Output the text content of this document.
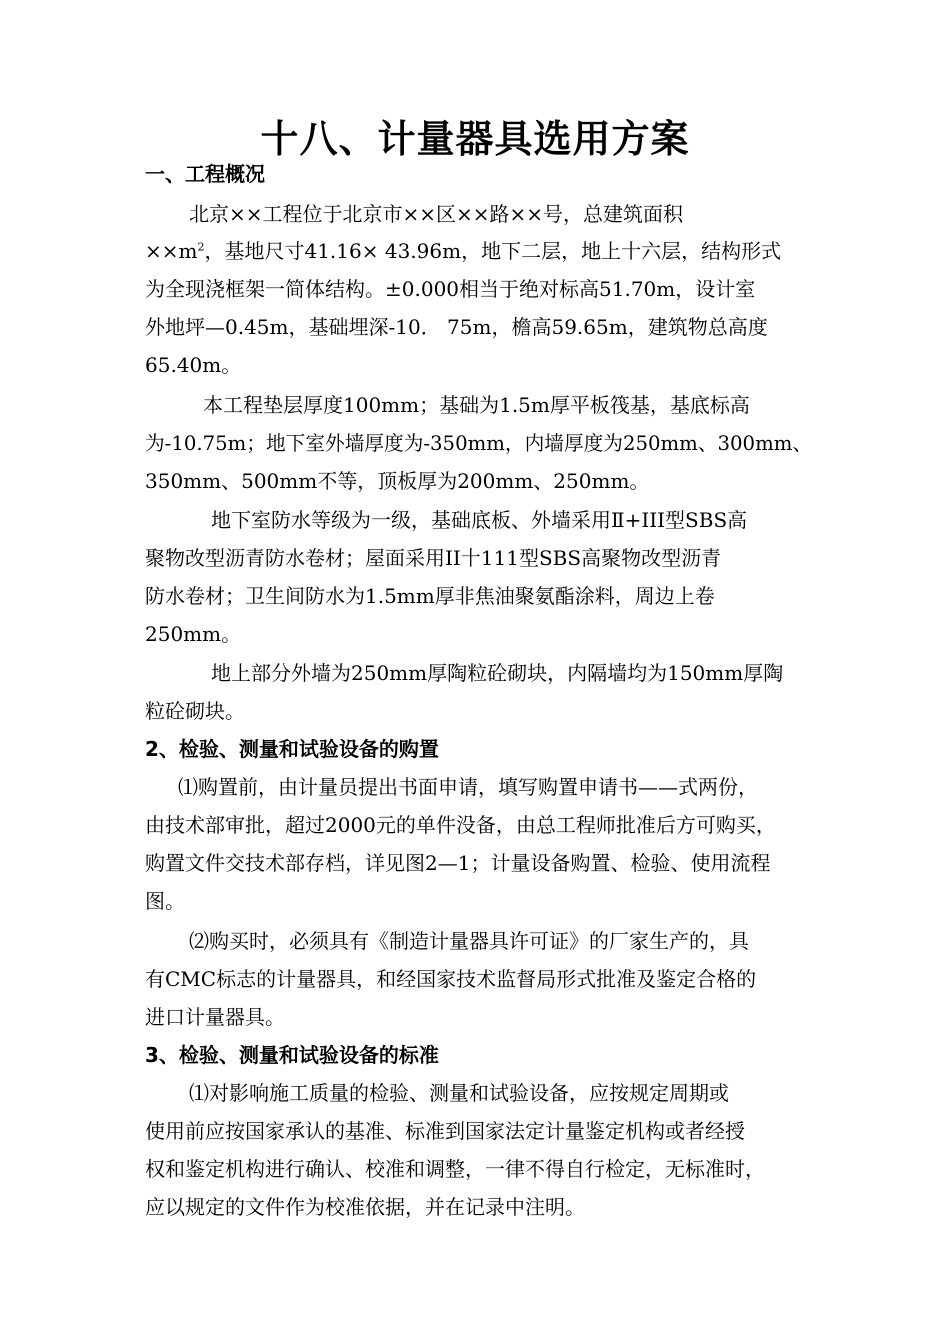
十八、计量器具选用方案
一、工程概况
北京××工程位于北京市××区××路××号，总建筑面积
$\times\times m^2$，基地尺寸41.16× 43.96m，地下二层，地上十六层，结构形式
为全现浇框架一简体结构。±0.000相当于绝对标高51.70m，设计室
外地坪—0.45m，基础埋深-10． 75m，檐高59.65m，建筑物总高度
65.40m。
本工程垫层厚度100mm；基础为1.5m厚平板筏基，基底标高
为-10.75m；地下室外墙厚度为-350mm，内墙厚度为250mm、300mm、
350mm、500mm不等，顶板厚为200mm、250mm。
地下室防水等级为一级，基础底板、外墙采用Ⅱ+III型SBS高
聚物改型沥青防水卷材；屋面采用II十111型SBS高聚物改型沥青
防水卷材；卫生间防水为1.5mm厚非焦油聚氨酯涂料，周边上卷
250mm。
地上部分外墙为250mm厚陶粒砼砌块，内隔墙均为150mm厚陶
粒砼砌块。
2、检验、测量和试验设备的购置
⑴购置前，由计量员提出书面申请，填写购置申请书——式两份，
由技术部审批，超过2000元的单件没备，由总工程师批准后方可购买，
购置文件交技术部存档，详见图2—1；计量设备购置、检验、使用流程
图。
⑵购买时，必须具有《制造计量器具许可证》的厂家生产的，具
有CMC标志的计量器具，和经国家技术监督局形式批准及鉴定合格的
进口计量器具。
3、检验、测量和试验设备的标准
⑴对影响施工质量的检验、测量和试验设备，应按规定周期或
使用前应按国家承认的基准、标准到国家法定计量鉴定机构或者经授
权和鉴定机构进行确认、校准和调整，一律不得自行检定，无标准时，
应以规定的文件作为校准依据，并在记录中注明。
